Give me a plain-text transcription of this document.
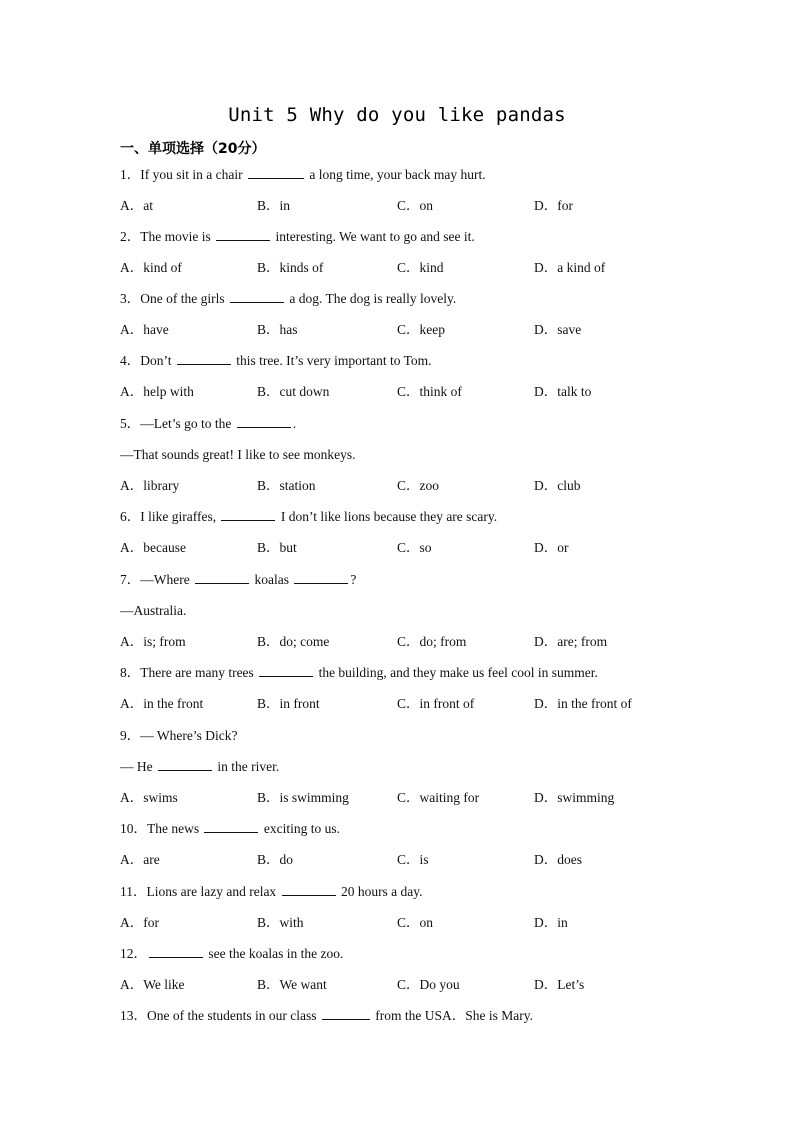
Unit 5 Why do you like pandas
一、单项选择（20分）
1．If you sit in a chair	a long time, your back may hurt.
A．at	B．in	C．on	D．for
2．The movie is	interesting. We want to go and see it.
A．kind of	B．kinds of	C．kind	D．a kind of
3．One of the girls	a dog. The dog is really lovely.
A．have	B．has	C．keep	D．save
4．Don’t	this tree. It’s very important to Tom.
A．help with	B．cut down	C．think of	D．talk to
5．—Let’s go to the	.
—That sounds great! I like to see monkeys.
A．library	B．station	C．zoo	D．club
6．I like giraffes,	I don’t like lions because they are scary.
A．because	B．but	C．so	D．or
7．—Where	koalas	?
—Australia.
A．is; from	B．do; come	C．do; from	D．are; from
8．There are many trees	the building, and they make us feel cool in summer.
A．in the front	B．in front	C．in front of	D．in the front of
9．— Where’s Dick?
— He	in the river.
A．swims	B．is swimming	C．waiting for	D．swimming
10．The news	exciting to us.
A．are	B．do	C．is	D．does
11．Lions are lazy and relax	20 hours a day.
A．for	B．with	C．on	D．in
12．	see the koalas in the zoo.
A．We like	B．We want	C．Do you	D．Let’s
13．One of the students in our class	from the USA．She is Mary.
